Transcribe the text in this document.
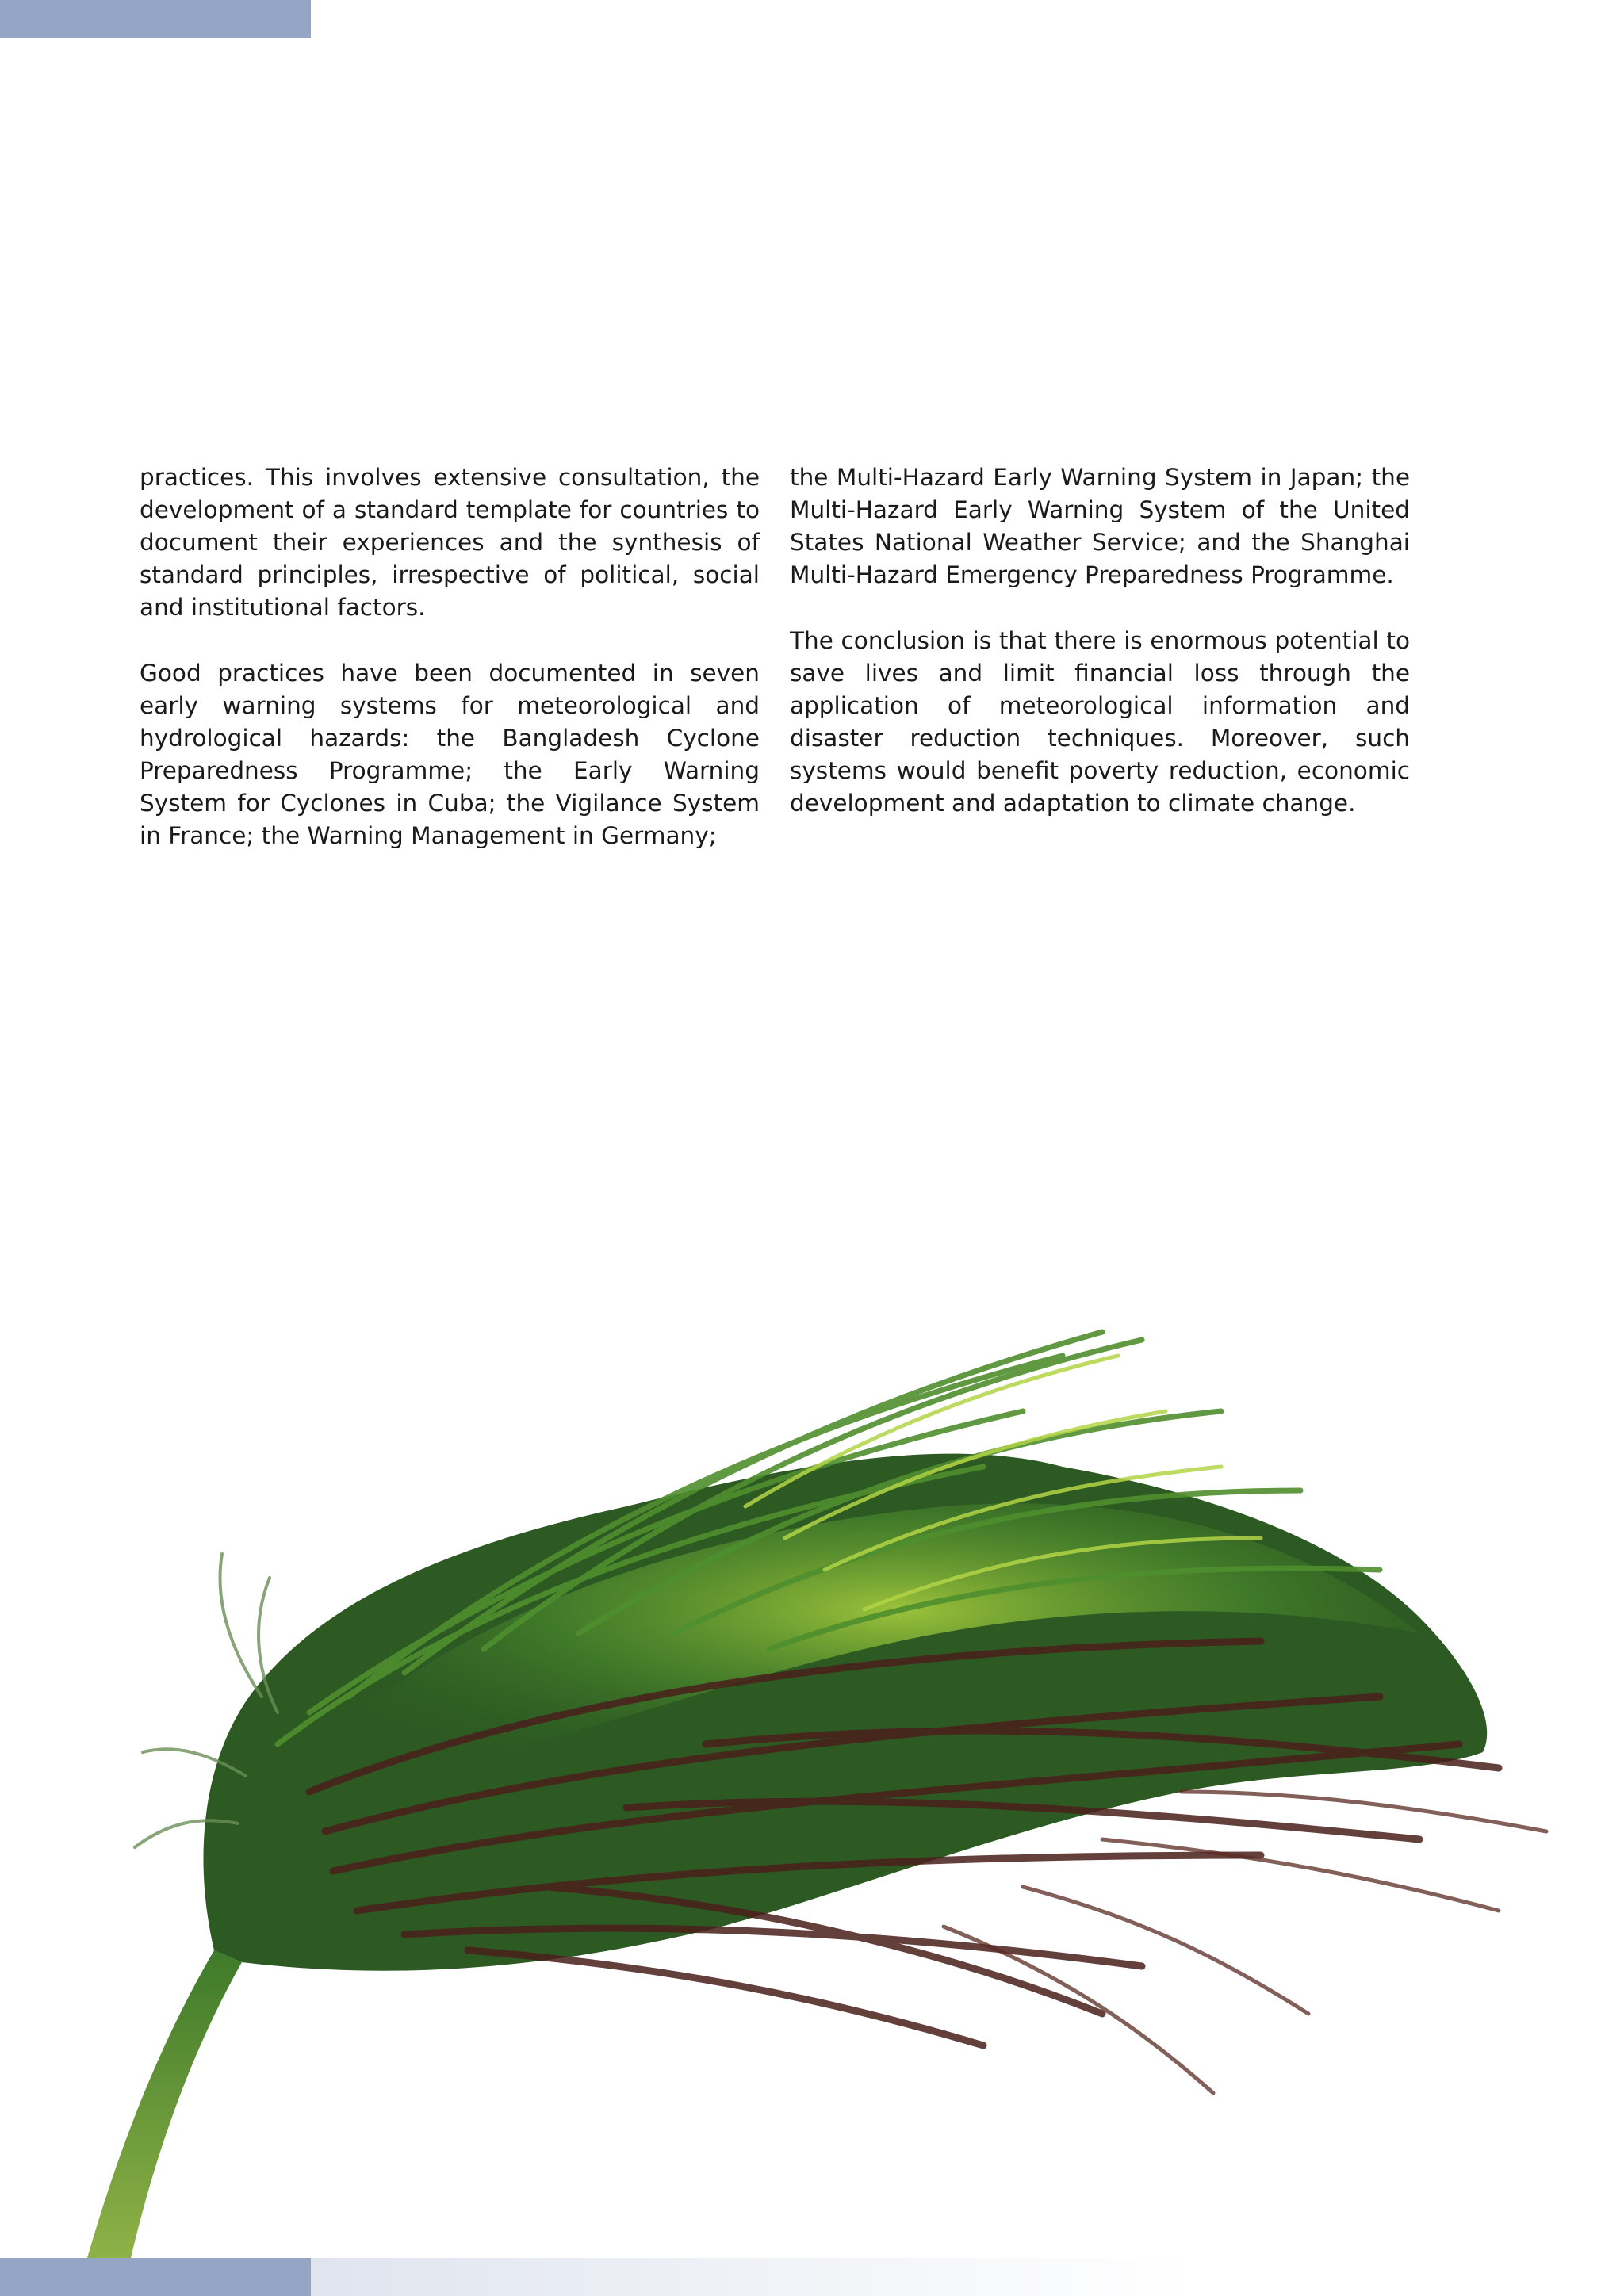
practices. This involves extensive consultation, the development of a standard template for countries to document their experiences and the synthesis of standard principles, irrespective of political, social and institutional factors.

Good practices have been documented in seven early warning systems for meteorological and hydrological hazards: the Bangladesh Cyclone Preparedness Programme; the Early Warning System for Cyclones in Cuba; the Vigilance System in France; the Warning Management in Germany;

the Multi-Hazard Early Warning System in Japan; the Multi-Hazard Early Warning System of the United States National Weather Service; and the Shanghai Multi-Hazard Emergency Preparedness Programme.

The conclusion is that there is enormous potential to save lives and limit financial loss through the application of meteorological information and disaster reduction techniques. Moreover, such systems would benefit poverty reduction, economic development and adaptation to climate change.
